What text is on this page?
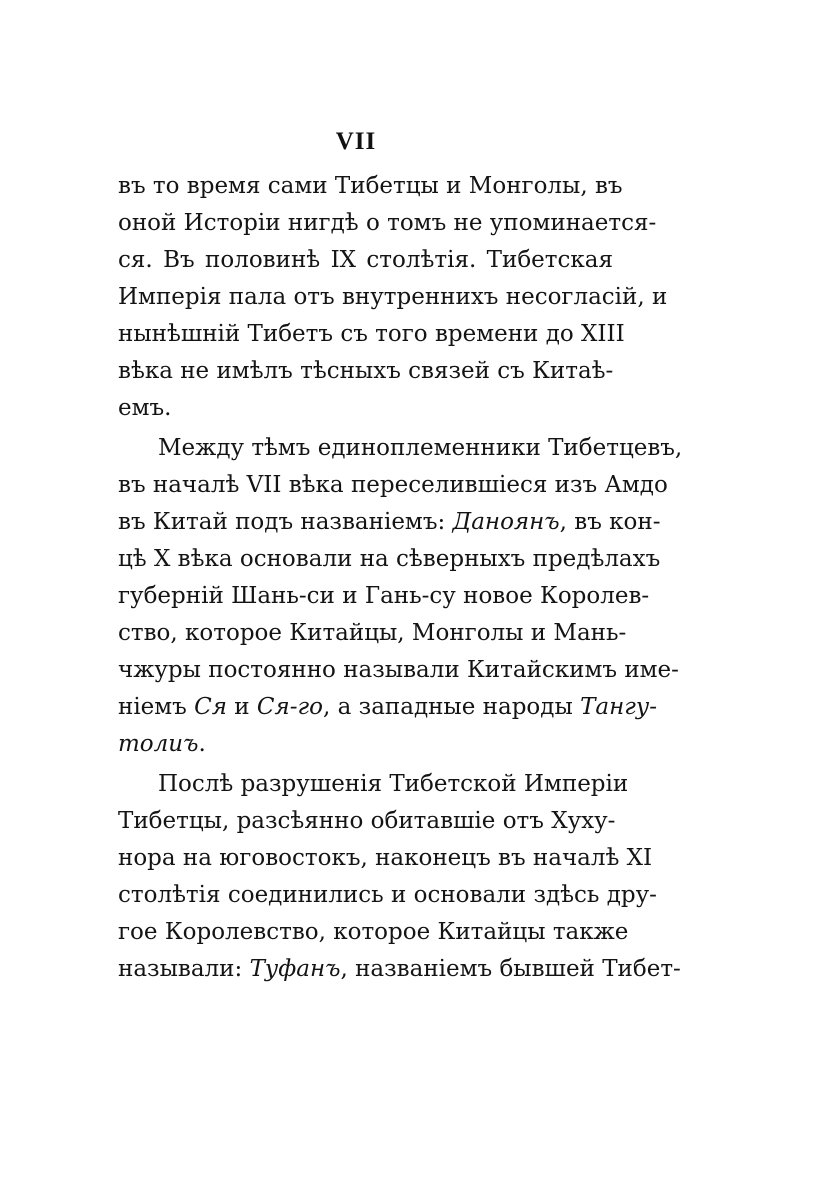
VII
въ то время сами Тибетцы и Монголы, въ
оной Исторіи нигдѣ о томъ не упоминается-
ся. Въ половинѣ IX столѣтія. Тибетская
Имперія пала отъ внутреннихъ несогласій, и
нынѣшній Тибетъ съ того времени до XIII
вѣка не имѣлъ тѣсныхъ связей съ Китаѣ-
емъ.
Между тѣмъ единоплеменники Тибетцевъ,
въ началѣ VII вѣка переселившіеся изъ Амдо
въ Китай подъ названіемъ: Даноянъ, въ кон-
цѣ X вѣка основали на сѣверныхъ предѣлахъ
губерній Шань-си и Гань-су новое Королев-
ство, которое Китайцы, Монголы и Мань-
чжуры постоянно называли Китайскимъ име-
ніемъ Ся и Ся-го, а западные народы Тангу-
толиъ.
Послѣ разрушенія Тибетской Имперіи
Тибетцы, разсѣянно обитавшіе отъ Хуху-
нора на юговостокъ, наконецъ въ началѣ XI
столѣтія соединились и основали здѣсь дру-
гое Королевство, которое Китайцы также
называли: Туфанъ, названіемъ бывшей Тибет-
